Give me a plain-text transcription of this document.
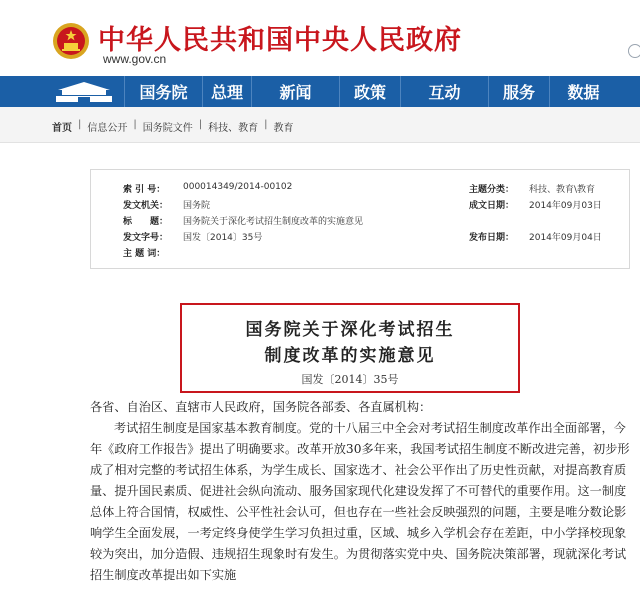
中华人民共和国中央人民政府
www.gov.cn
国务院	总理	新闻	政策	互动	服务	数据
首页 | 信息公开 | 国务院文件 | 科技、教育 | 教育
索 引 号： 000014349/2014-00102	主题分类： 科技、教育\教育
发文机关： 国务院	成文日期： 2014年09月03日
标　　题： 国务院关于深化考试招生制度改革的实施意见
发文字号： 国发〔2014〕35号	发布日期： 2014年09月04日
主 题 词：
国务院关于深化考试招生
制度改革的实施意见
国发〔2014〕35号

各省、自治区、直辖市人民政府，国务院各部委、各直属机构：

考试招生制度是国家基本教育制度。党的十八届三中全会对考试招生制度改革作出全面部署，今年《政府工作报告》提出了明确要求。改革开放30多年来，我国考试招生制度不断改进完善，初步形成了相对完整的考试招生体系，为学生成长、国家选才、社会公平作出了历史性贡献，对提高教育质量、提升国民素质、促进社会纵向流动、服务国家现代化建设发挥了不可替代的重要作用。这一制度总体上符合国情，权威性、公平性社会认可，但也存在一些社会反映强烈的问题，主要是唯分数论影响学生全面发展，一考定终身使学生学习负担过重，区域、城乡入学机会存在差距，中小学择校现象较为突出，加分造假、违规招生现象时有发生。为贯彻落实党中央、国务院决策部署，现就深化考试招生制度改革提出如下实施
